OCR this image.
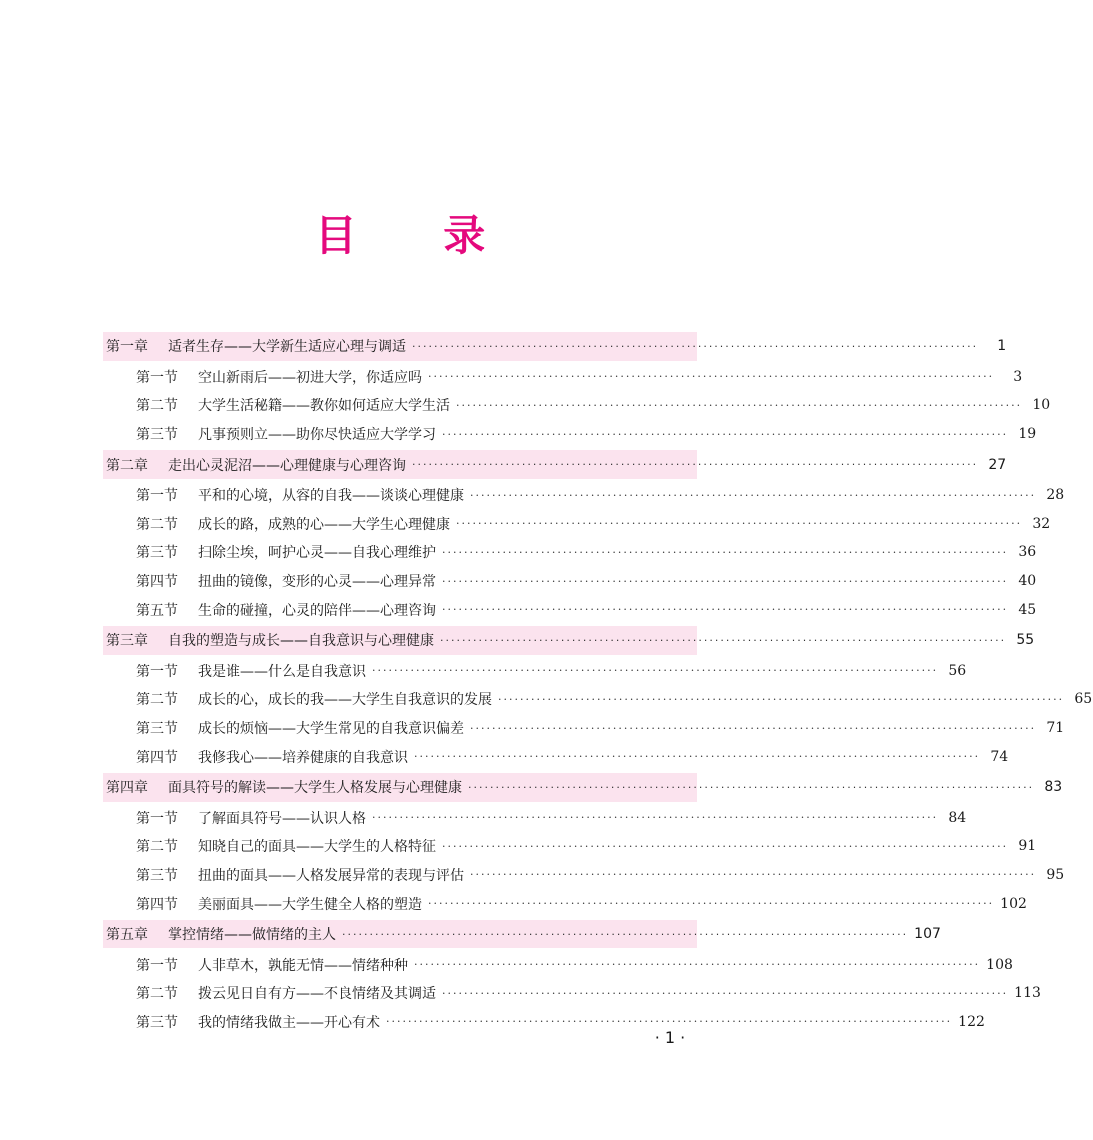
目 录
第一章	适者生存——大学新生适应心理与调适 ·······································································································	1
第一节	空山新雨后——初进大学，你适应吗 ·······································································································	3
第二节	大学生活秘籍——教你如何适应大学生活 ······································································································· 10
第三节	凡事预则立——助你尽快适应大学学习 ······································································································· 19
第二章	走出心灵泥沼——心理健康与心理咨询 ······································································································· 27
第一节	平和的心境，从容的自我——谈谈心理健康 ······································································································· 28
第二节	成长的路，成熟的心——大学生心理健康 ······································································································· 32
第三节	扫除尘埃，呵护心灵——自我心理维护 ······································································································· 36
第四节	扭曲的镜像，变形的心灵——心理异常 ······································································································· 40
第五节	生命的碰撞，心灵的陪伴——心理咨询 ······································································································· 45
第三章	自我的塑造与成长——自我意识与心理健康 ······································································································· 55
第一节	我是谁——什么是自我意识 ······································································································· 56
第二节	成长的心，成长的我——大学生自我意识的发展 ······································································································· 65
第三节	成长的烦恼——大学生常见的自我意识偏差 ······································································································· 71
第四节	我修我心——培养健康的自我意识 ······································································································· 74
第四章	面具符号的解读——大学生人格发展与心理健康 ······································································································· 83
第一节	了解面具符号——认识人格 ······································································································· 84
第二节	知晓自己的面具——大学生的人格特征 ······································································································· 91
第三节	扭曲的面具——人格发展异常的表现与评估 ······································································································· 95
第四节	美丽面具——大学生健全人格的塑造 ······································································································· 102
第五章	掌控情绪——做情绪的主人 ······································································································· 107
第一节	人非草木，孰能无情——情绪种种 ······································································································· 108
第二节	拨云见日自有方——不良情绪及其调适 ······································································································· 113
第三节	我的情绪我做主——开心有术 ······································································································· 122
· 1 ·
